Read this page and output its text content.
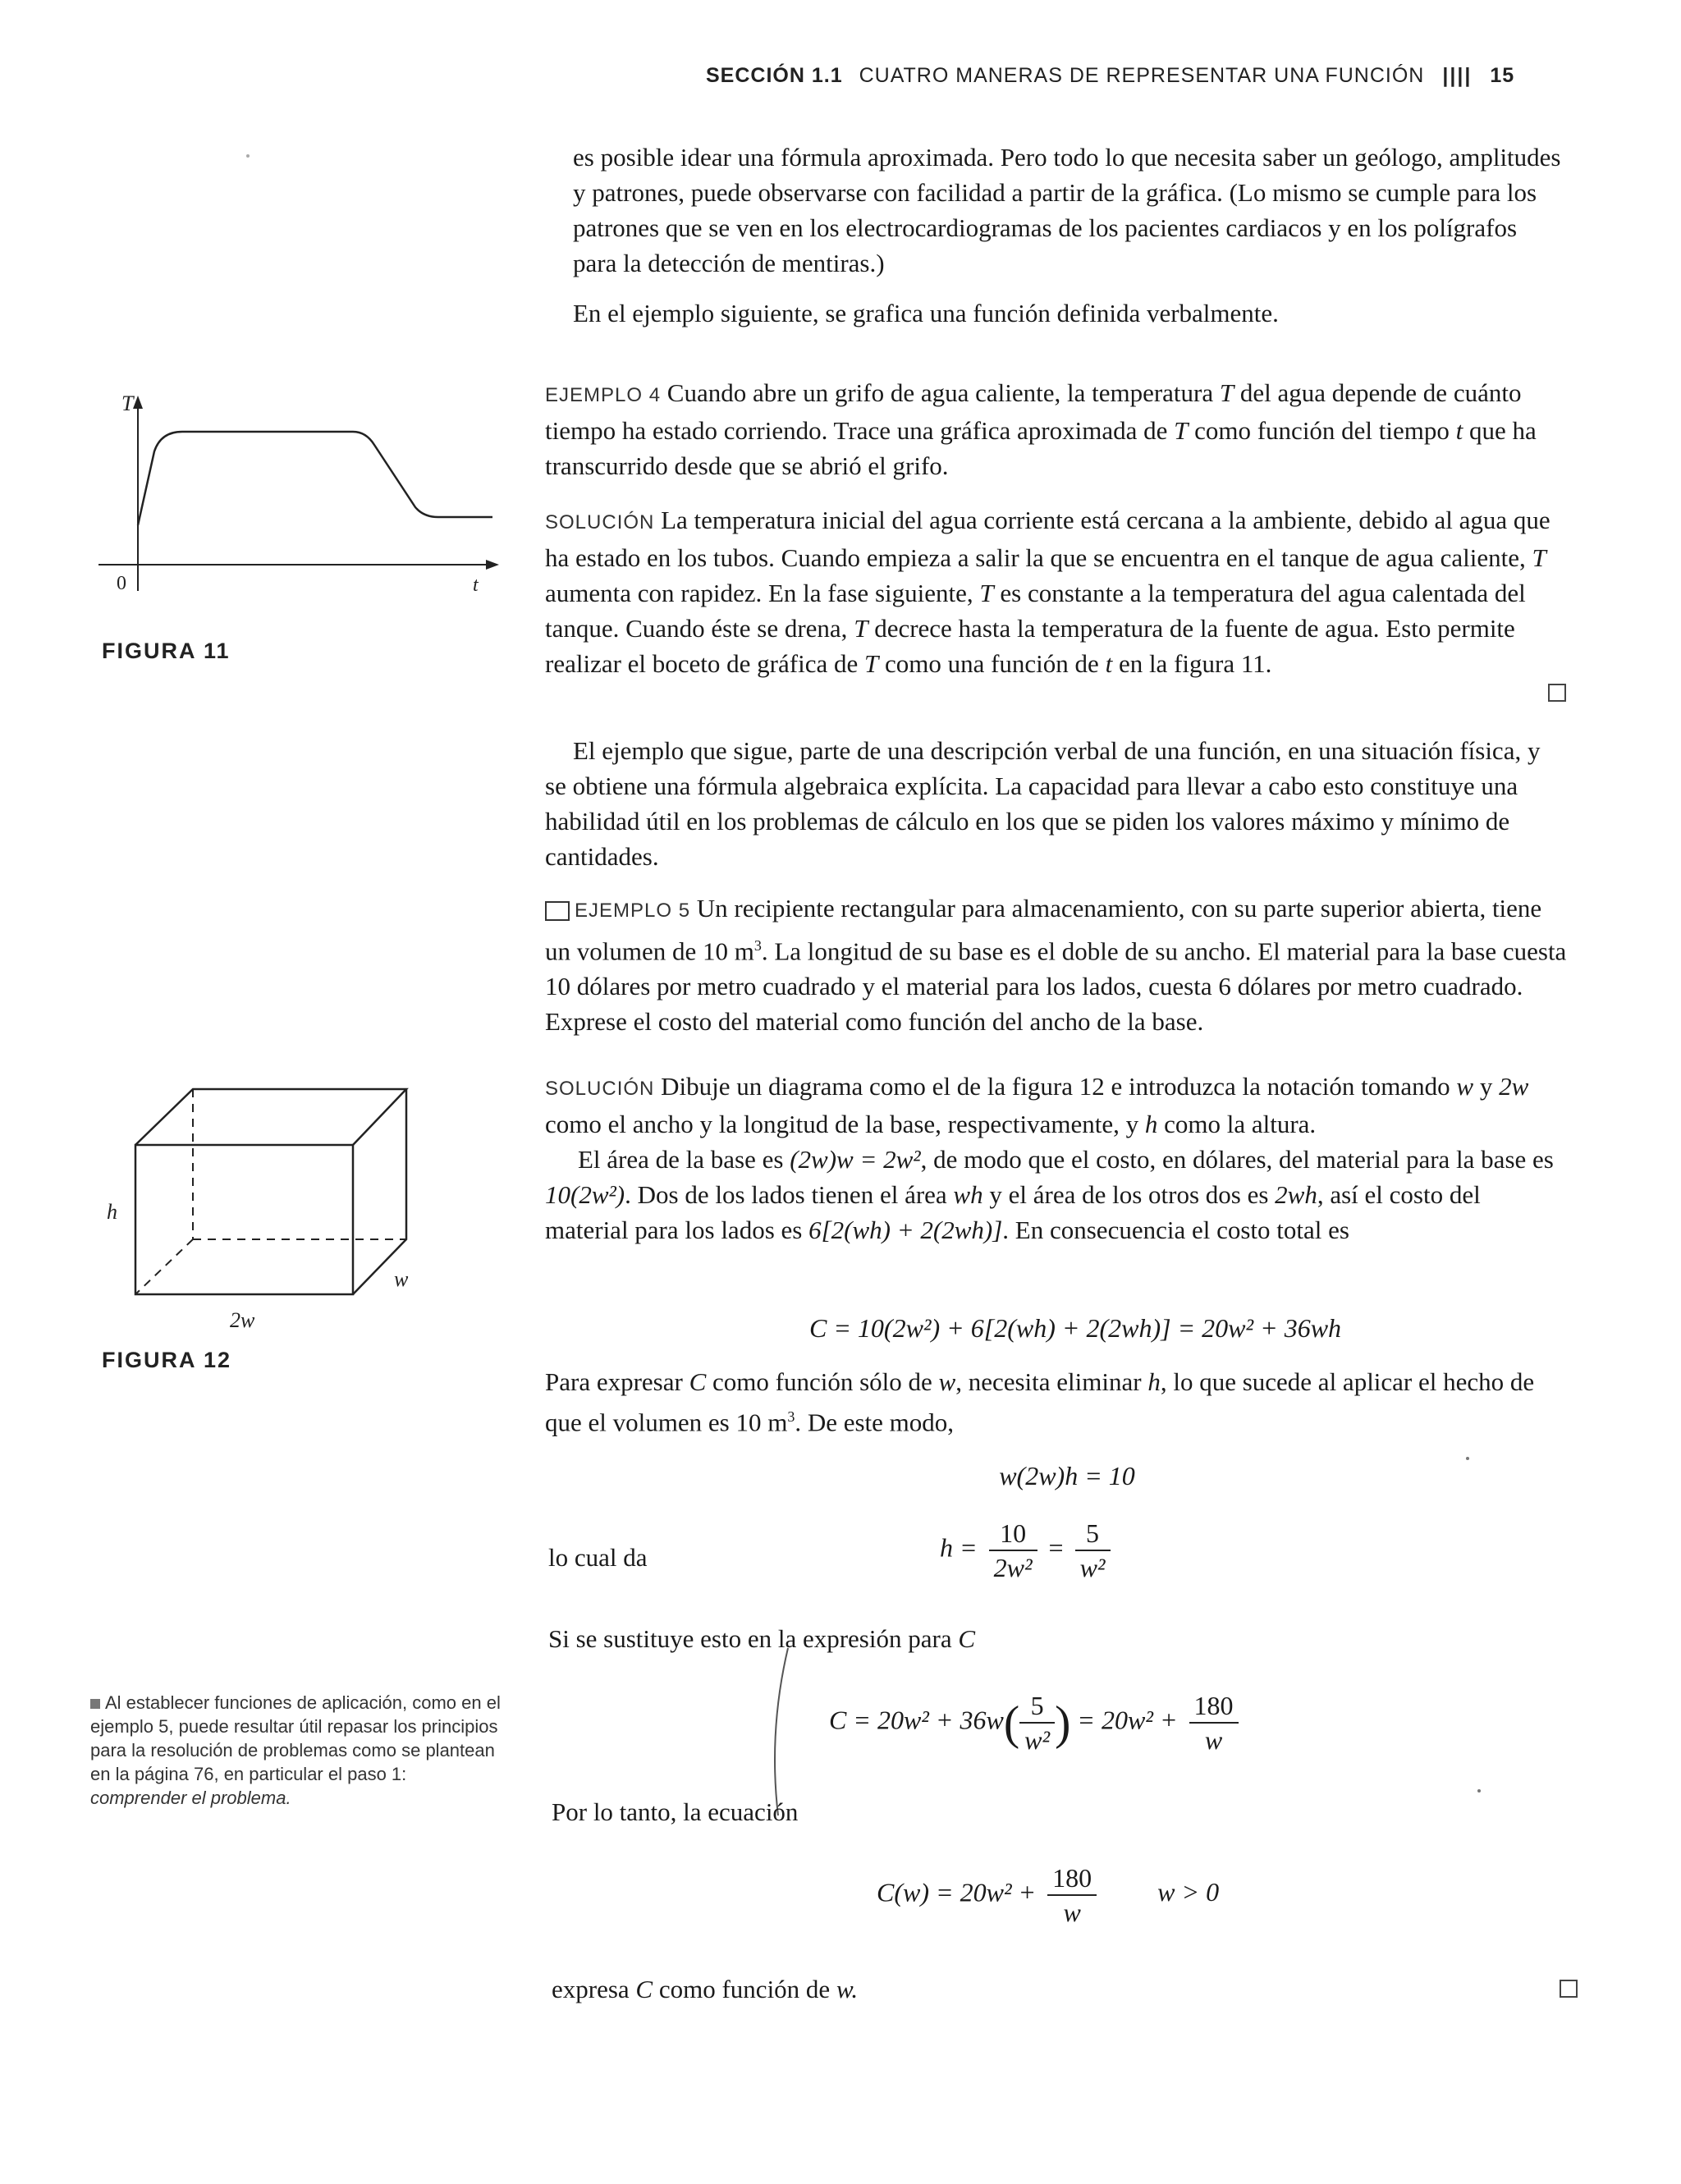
SECCIÓN 1.1 CUATRO MANERAS DE REPRESENTAR UNA FUNCIÓN |||| 15

es posible idear una fórmula aproximada. Pero todo lo que necesita saber un geólogo, amplitudes y patrones, puede observarse con facilidad a partir de la gráfica. (Lo mismo se cumple para los patrones que se ven en los electrocardiogramas de los pacientes cardiacos y en los polígrafos para la detección de mentiras.)

En el ejemplo siguiente, se grafica una función definida verbalmente.

T
0	t
FIGURA 11

EJEMPLO 4 Cuando abre un grifo de agua caliente, la temperatura T del agua depende de cuánto tiempo ha estado corriendo. Trace una gráfica aproximada de T como función del tiempo t que ha transcurrido desde que se abrió el grifo.

SOLUCIÓN La temperatura inicial del agua corriente está cercana a la ambiente, debido al agua que ha estado en los tubos. Cuando empieza a salir la que se encuentra en el tanque de agua caliente, T aumenta con rapidez. En la fase siguiente, T es constante a la temperatura del agua calentada del tanque. Cuando éste se drena, T decrece hasta la temperatura de la fuente de agua. Esto permite realizar el boceto de gráfica de T como una función de t en la figura 11.

El ejemplo que sigue, parte de una descripción verbal de una función, en una situación física, y se obtiene una fórmula algebraica explícita. La capacidad para llevar a cabo esto constituye una habilidad útil en los problemas de cálculo en los que se piden los valores máximo y mínimo de cantidades.

EJEMPLO 5 Un recipiente rectangular para almacenamiento, con su parte superior abierta, tiene un volumen de 10 $m^3$. La longitud de su base es el doble de su ancho. El material para la base cuesta 10 dólares por metro cuadrado y el material para los lados, cuesta 6 dólares por metro cuadrado. Exprese el costo del material como función del ancho de la base.

h
w
2w
FIGURA 12

SOLUCIÓN Dibuje un diagrama como el de la figura 12 e introduzca la notación tomando w y 2w como el ancho y la longitud de la base, respectivamente, y h como la altura.

El área de la base es (2w)w = 2w², de modo que el costo, en dólares, del material para la base es 10(2w²). Dos de los lados tienen el área wh y el área de los otros dos es 2wh, así el costo del material para los lados es 6[2(wh) + 2(2wh)]. En consecuencia el costo total es

C = 10(2w²) + 6[2(wh) + 2(2wh)] = 20w² + 36wh

Para expresar C como función sólo de w, necesita eliminar h, lo que sucede al aplicar el hecho de que el volumen es 10 $m^3$. De este modo,

w(2w)h = 10
lo cual da	$h = \frac{10}{\text{2w²}} = \frac{5}{\text{w²}}$
Si se sustituye esto en la expresión para C
$C = 20w^2 + 36w( \frac{5}{\text{w²}}$ ) = $20w^2 + \frac{180}{w}$
Por lo tanto, la ecuación
$C(w) = 20w^2 + \frac{180}{w}$ w > 0
expresa C como función de w.
Al establecer funciones de aplicación, como en el ejemplo 5, puede resultar útil repasar los principios para la resolución de problemas como se plantean en la página 76, en particular el paso 1: comprender el problema.
